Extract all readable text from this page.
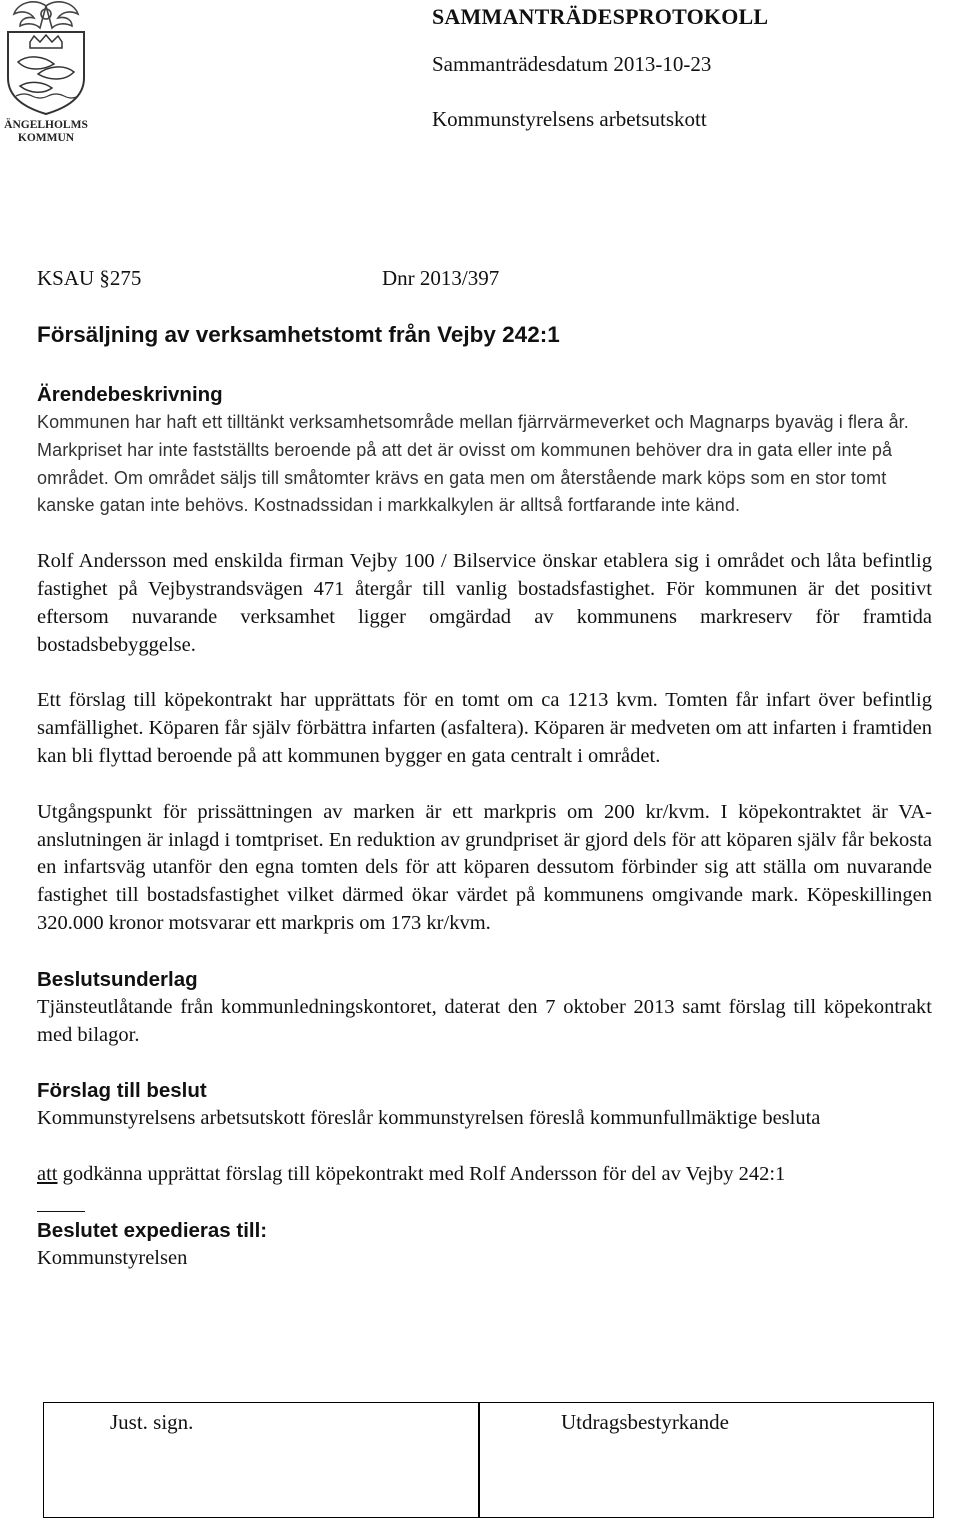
ÄNGELHOLMS
KOMMUN
SAMMANTRÄDESPROTOKOLL
Sammanträdesdatum 2013-10-23
Kommunstyrelsens arbetsutskott
KSAU §275	Dnr 2013/397
Försäljning av verksamhetstomt från Vejby 242:1
Ärendebeskrivning

Kommunen har haft ett tilltänkt verksamhetsområde mellan fjärrvärmeverket och Magnarps byaväg i flera år. Markpriset har inte fastställts beroende på att det är ovisst om kommunen behöver dra in gata eller inte på området. Om området säljs till småtomter krävs en gata men om återstående mark köps som en stor tomt kanske gatan inte behövs. Kostnadssidan i markkalkylen är alltså fortfarande inte känd.

Rolf Andersson med enskilda firman Vejby 100 / Bilservice önskar etablera sig i området och låta befintlig fastighet på Vejbystrandsvägen 471 återgår till vanlig bostadsfastighet. För kommunen är det positivt eftersom nuvarande verksamhet ligger omgärdad av kommunens markreserv för framtida bostadsbebyggelse.

Ett förslag till köpekontrakt har upprättats för en tomt om ca 1213 kvm. Tomten får infart över befintlig samfällighet. Köparen får själv förbättra infarten (asfaltera). Köparen är medveten om att infarten i framtiden kan bli flyttad beroende på att kommunen bygger en gata centralt i området.

Utgångspunkt för prissättningen av marken är ett markpris om 200 kr/kvm. I köpekontraktet är VA-anslutningen är inlagd i tomtpriset. En reduktion av grundpriset är gjord dels för att köparen själv får bekosta en infartsväg utanför den egna tomten dels för att köparen dessutom förbinder sig att ställa om nuvarande fastighet till bostadsfastighet vilket därmed ökar värdet på kommunens omgivande mark. Köpeskillingen 320.000 kronor motsvarar ett markpris om 173 kr/kvm.

Beslutsunderlag

Tjänsteutlåtande från kommunledningskontoret, daterat den 7 oktober 2013 samt förslag till köpekontrakt med bilagor.

Förslag till beslut

Kommunstyrelsens arbetsutskott föreslår kommunstyrelsen föreslå kommunfullmäktige besluta

att godkänna upprättat förslag till köpekontrakt med Rolf Andersson för del av Vejby 242:1

Beslutet expedieras till:

Kommunstyrelsen

Just. sign.	Utdragsbestyrkande
